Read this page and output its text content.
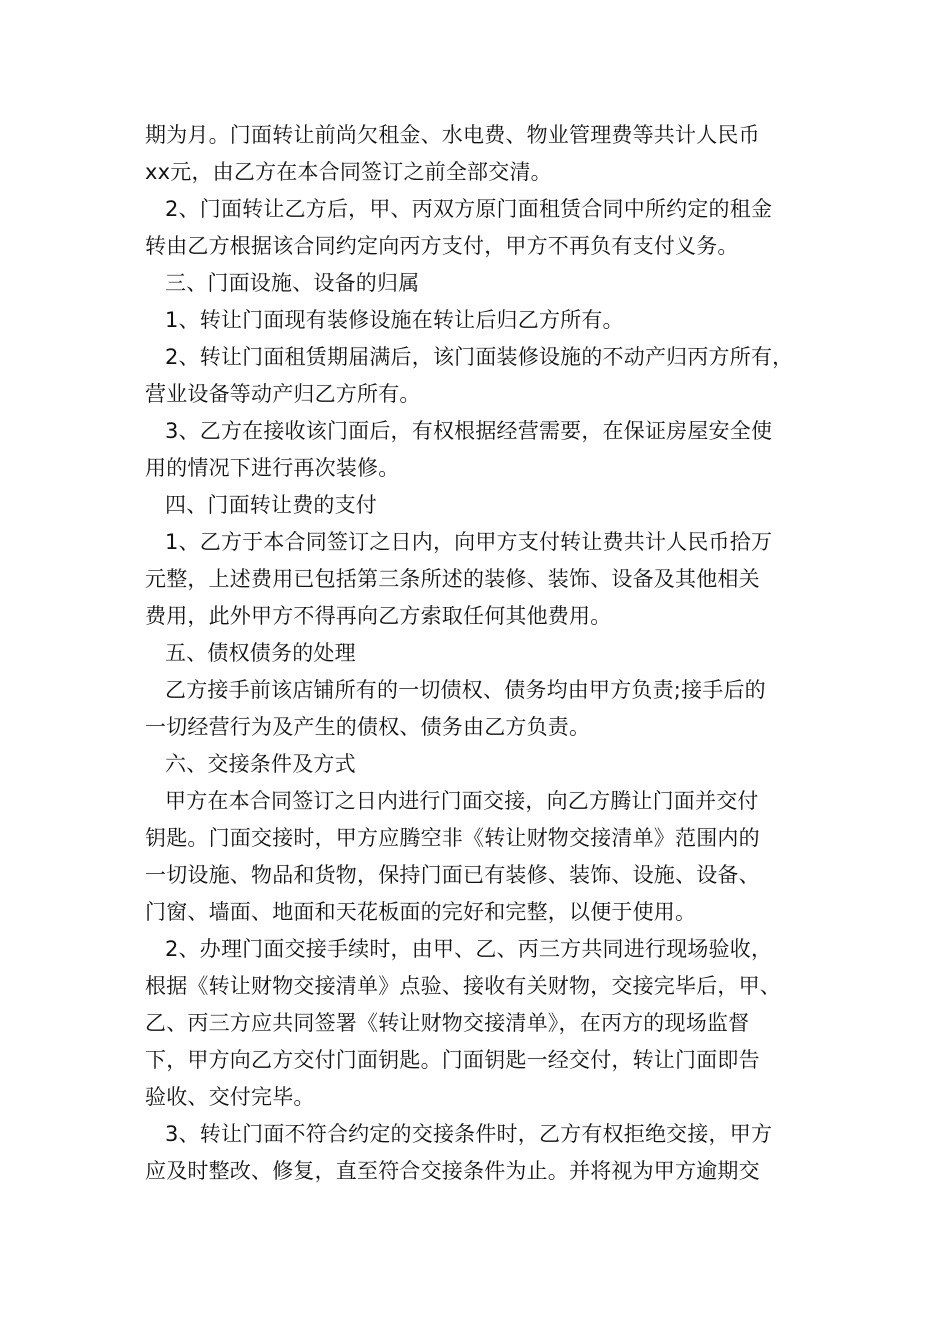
期为月。门面转让前尚欠租金、水电费、物业管理费等共计人民币
xx元，由乙方在本合同签订之前全部交清。
2、门面转让乙方后，甲、丙双方原门面租赁合同中所约定的租金
转由乙方根据该合同约定向丙方支付，甲方不再负有支付义务。
三、门面设施、设备的归属
1、转让门面现有装修设施在转让后归乙方所有。
2、转让门面租赁期届满后，该门面装修设施的不动产归丙方所有，
营业设备等动产归乙方所有。
3、乙方在接收该门面后，有权根据经营需要，在保证房屋安全使
用的情况下进行再次装修。
四、门面转让费的支付
1、乙方于本合同签订之日内，向甲方支付转让费共计人民币拾万
元整，上述费用已包括第三条所述的装修、装饰、设备及其他相关
费用，此外甲方不得再向乙方索取任何其他费用。
五、债权债务的处理
乙方接手前该店铺所有的一切债权、债务均由甲方负责;接手后的
一切经营行为及产生的债权、债务由乙方负责。
六、交接条件及方式
甲方在本合同签订之日内进行门面交接，向乙方腾让门面并交付
钥匙。门面交接时，甲方应腾空非《转让财物交接清单》范围内的
一切设施、物品和货物，保持门面已有装修、装饰、设施、设备、
门窗、墙面、地面和天花板面的完好和完整，以便于使用。
2、办理门面交接手续时，由甲、乙、丙三方共同进行现场验收，
根据《转让财物交接清单》点验、接收有关财物，交接完毕后，甲、
乙、丙三方应共同签署《转让财物交接清单》，在丙方的现场监督
下，甲方向乙方交付门面钥匙。门面钥匙一经交付，转让门面即告
验收、交付完毕。
3、转让门面不符合约定的交接条件时，乙方有权拒绝交接，甲方
应及时整改、修复，直至符合交接条件为止。并将视为甲方逾期交
